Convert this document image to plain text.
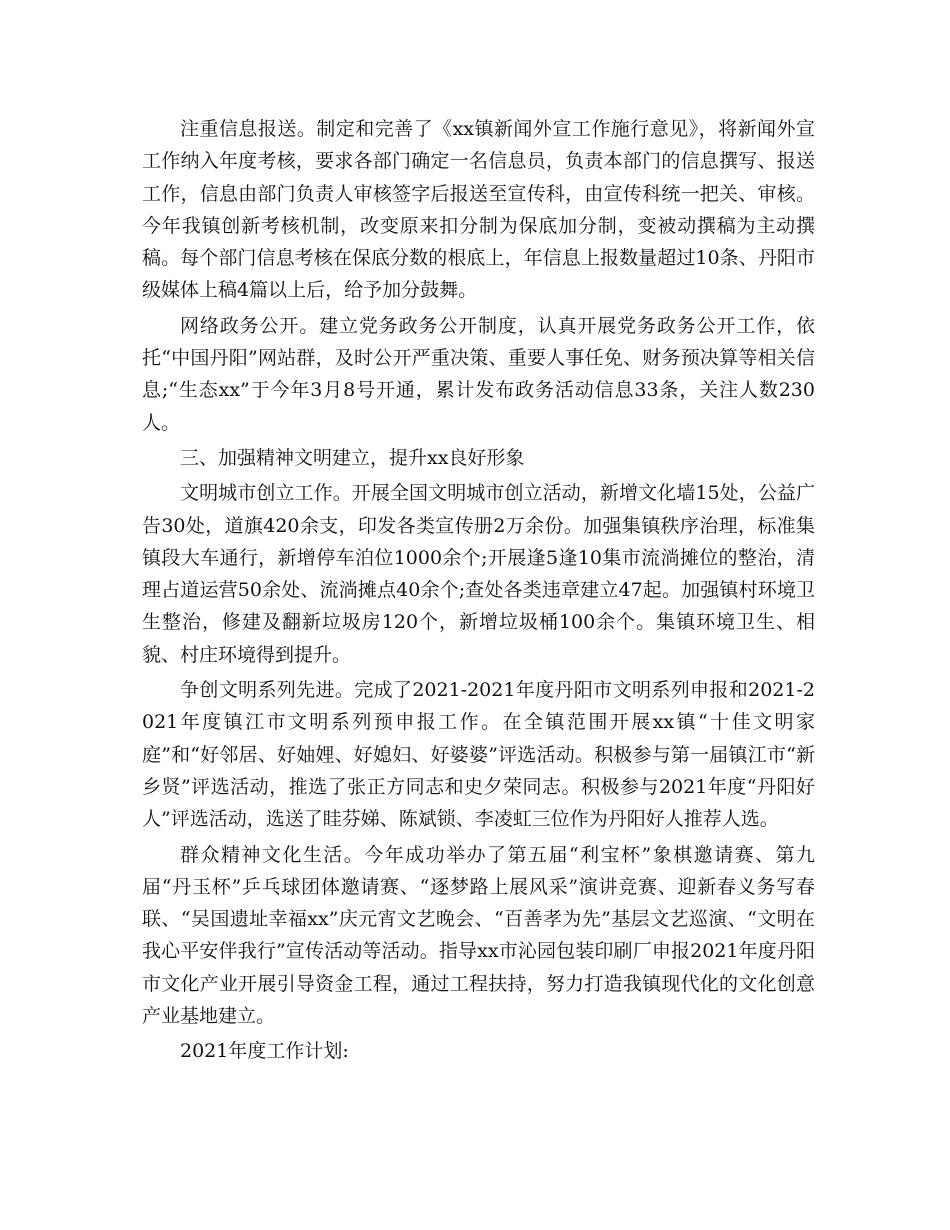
注重信息报送。制定和完善了《xx镇新闻外宣工作施行意见》，将新闻外宣工作纳入年度考核，要求各部门确定一名信息员，负责本部门的信息撰写、报送工作，信息由部门负责人审核签字后报送至宣传科，由宣传科统一把关、审核。今年我镇创新考核机制，改变原来扣分制为保底加分制，变被动撰稿为主动撰稿。每个部门信息考核在保底分数的根底上，年信息上报数量超过10条、丹阳市级媒体上稿4篇以上后，给予加分鼓舞。

网络政务公开。建立党务政务公开制度，认真开展党务政务公开工作，依托“中国丹阳”网站群，及时公开严重决策、重要人事任免、财务预决算等相关信息;“生态xx”于今年3月8号开通，累计发布政务活动信息33条，关注人数230人。

三、加强精神文明建立，提升xx良好形象

文明城市创立工作。开展全国文明城市创立活动，新增文化墙15处，公益广告30处，道旗420余支，印发各类宣传册2万余份。加强集镇秩序治理，标准集镇段大车通行，新增停车泊位1000余个;开展逢5逢10集市流淌摊位的整治，清理占道运营50余处、流淌摊点40余个;查处各类违章建立47起。加强镇村环境卫生整治，修建及翻新垃圾房120个，新增垃圾桶100余个。集镇环境卫生、相貌、村庄环境得到提升。

争创文明系列先进。完成了2021-2021年度丹阳市文明系列申报和2021-2021年度镇江市文明系列预申报工作。在全镇范围开展xx镇“十佳文明家庭”和“好邻居、好妯娌、好媳妇、好婆婆”评选活动。积极参与第一届镇江市“新乡贤”评选活动，推选了张正方同志和史夕荣同志。积极参与2021年度“丹阳好人”评选活动，选送了眭芬娣、陈斌锁、李凌虹三位作为丹阳好人推荐人选。

群众精神文化生活。今年成功举办了第五届“利宝杯”象棋邀请赛、第九届“丹玉杯”乒乓球团体邀请赛、“逐梦路上展风采”演讲竞赛、迎新春义务写春联、“吴国遗址幸福xx”庆元宵文艺晚会、“百善孝为先”基层文艺巡演、“文明在我心平安伴我行”宣传活动等活动。指导xx市沁园包装印刷厂申报2021年度丹阳市文化产业开展引导资金工程，通过工程扶持，努力打造我镇现代化的文化创意产业基地建立。

2021年度工作计划:
